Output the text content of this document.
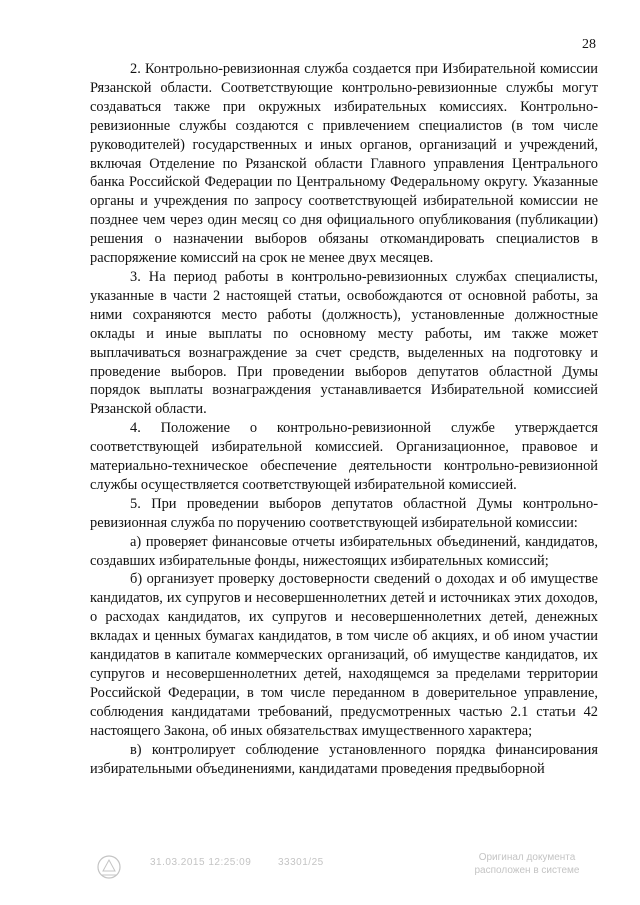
28

2. Контрольно-ревизионная служба создается при Избирательной комиссии Рязанской области. Соответствующие контрольно-ревизионные службы могут создаваться также при окружных избирательных комиссиях. Контрольно-ревизионные службы создаются с привлечением специалистов (в том числе руководителей) государственных и иных органов, организаций и учреждений, включая Отделение по Рязанской области Главного управления Центрального банка Российской Федерации по Центральному Федеральному округу. Указанные органы и учреждения по запросу соответствующей избирательной комиссии не позднее чем через один месяц со дня официального опубликования (публикации) решения о назначении выборов обязаны откомандировать специалистов в распоряжение комиссий на срок не менее двух месяцев.

3. На период работы в контрольно-ревизионных службах специалисты, указанные в части 2 настоящей статьи, освобождаются от основной работы, за ними сохраняются место работы (должность), установленные должностные оклады и иные выплаты по основному месту работы, им также может выплачиваться вознаграждение за счет средств, выделенных на подготовку и проведение выборов. При проведении выборов депутатов областной Думы порядок выплаты вознаграждения устанавливается Избирательной комиссией Рязанской области.

4. Положение о контрольно-ревизионной службе утверждается соответствующей избирательной комиссией. Организационное, правовое и материально-техническое обеспечение деятельности контрольно-ревизионной службы осуществляется соответствующей избирательной комиссией.

5. При проведении выборов депутатов областной Думы контрольно-ревизионная служба по поручению соответствующей избирательной комиссии:

а) проверяет финансовые отчеты избирательных объединений, кандидатов, создавших избирательные фонды, нижестоящих избирательных комиссий;

б) организует проверку достоверности сведений о доходах и об имуществе кандидатов, их супругов и несовершеннолетних детей и источниках этих доходов, о расходах кандидатов, их супругов и несовершеннолетних детей, денежных вкладах и ценных бумагах кандидатов, в том числе об акциях, и об ином участии кандидатов в капитале коммерческих организаций, об имуществе кандидатов, их супругов и несовершеннолетних детей, находящемся за пределами территории Российской Федерации, в том числе переданном в доверительное управление, соблюдения кандидатами требований, предусмотренных частью 2.1 статьи 42 настоящего Закона, об иных обязательствах имущественного характера;

в) контролирует соблюдение установленного порядка финансирования избирательными объединениями, кандидатами проведения предвыборной

31.03.2015 12:25:09	33301/25	Оригинал документа расположен в системе
